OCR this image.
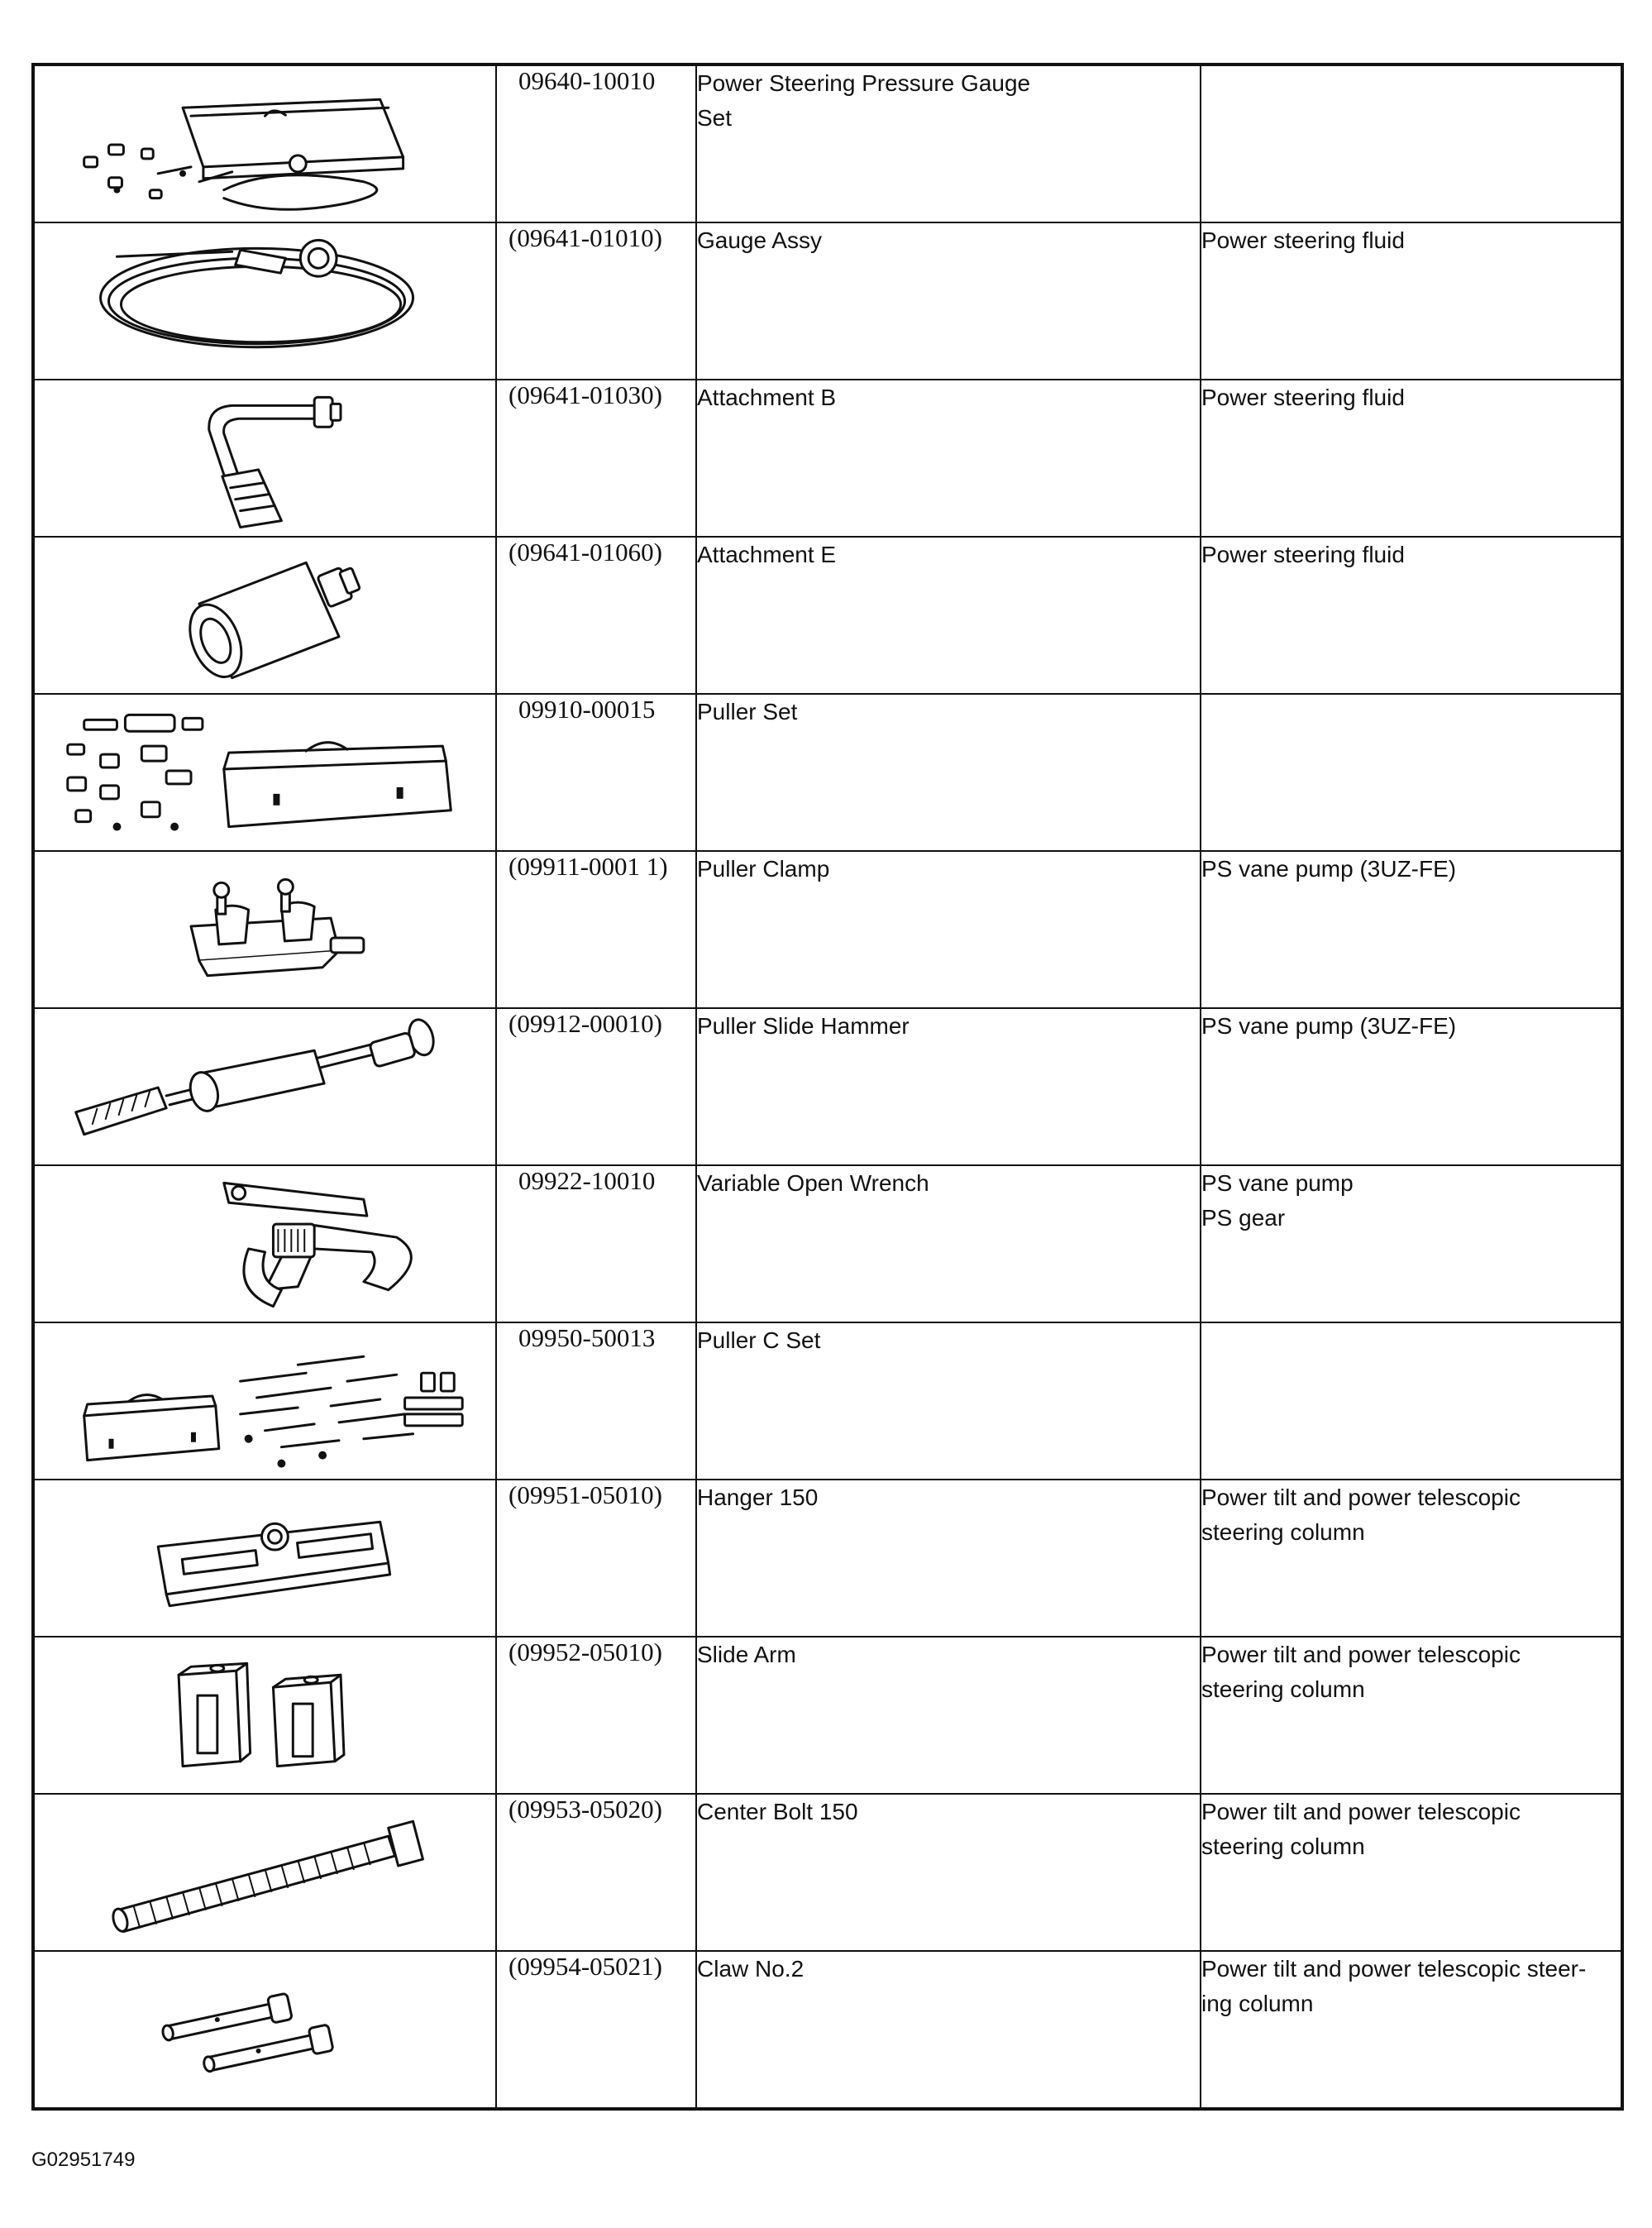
	09640-10010	Power Steering Pressure Gauge
Set	

	(09641-01010)	Gauge Assy	Power steering fluid

	(09641-01030)	Attachment B	Power steering fluid

	(09641-01060)	Attachment E	Power steering fluid

	09910-00015	Puller Set	

	(09911-0001 1)	Puller Clamp	PS vane pump (3UZ-FE)

	(09912-00010)	Puller Slide Hammer	PS vane pump (3UZ-FE)

	09922-10010	Variable Open Wrench	PS vane pump
PS gear

	09950-50013	Puller C Set	

	(09951-05010)	Hanger 150	Power tilt and power telescopic
steering column

	(09952-05010)	Slide Arm	Power tilt and power telescopic
steering column

	(09953-05020)	Center Bolt 150	Power tilt and power telescopic
steering column

	(09954-05021)	Claw No.2	Power tilt and power telescopic steer-
ing column
G02951749
